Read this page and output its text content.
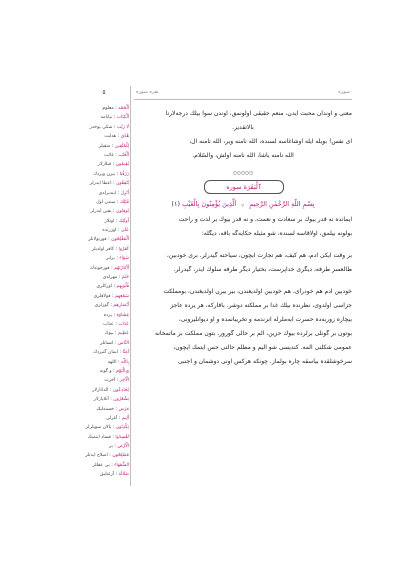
٥
اَلْحَمْد : معلوم
اَلْكِتَاب : بیانامه
لَا رَيْب : شكی یوخدر
هُدًى : هدایت
لِلْمُتَّقِين : متقیلر
اَلْغَيْب : غائب
يُقِيمُون : قیلارلار
رَزَقْنَا : بیزن ویردك
يُنْفِقُون : اعطا ایدرلر
أُنْزِلَ : ایندیرلدی
قَبْلِك : سندن اول
يُوقِنُون : یقین ایدرلر
أُولَئِك : اونلار
عَلَى : اوزرنده
اَلْمُفْلِحُون : قورتولانلر
كَفَرُوا : كافر اولدیلر
سَوَاء : برابر
أَأَنْذَرْتَهُم : قورخوتدك
خَتَمَ : مهرلدی
قُلُوبِهِم : اوركلری
سَمْعِهِم : قولاقلری
أَبْصَارِهِم : گوزلری
غِشَاوَة : پرده
عَذَاب : عذاب
عَظِيم : بیوك
النَّاس : انسانلر
آمَنَّا : ایمان گتیردك
بِاللّٰه : اللهه
وَبِالْيَوْم : و گونه
الْآخِر : آخرت
يُخَادِعُون : الداتارلار
يَشْعُرُون : آنلایارلار
مَرَض : خسته‌لیك
أَلِيم : آغرلی
يَكْذِبُون : یالان سویلرلر
تُفْسِدُوا : فساد ایتمیك
الْأَرْض : یر
مُصْلِحُون : اصلاح ایدنلر
السُّفَهَاء : بی عقللر
ضَلَالَة : آزغنلیق
بقره سوره	سوره
معنی و اوندان محبت ایدن، منعم حقیقی اولونمق، اوندن سوا بیلك درجه‌لارنا
بالاتقدیر.
ای نفس! بویله آیله اوشاغاسه لسنده، الله نامنه ویر، الله نامنه آل،
الله نامنه یاشا، الله نامنه اولش، والسّلام.
۞۞۞۞۞
ٱلْبَقَرَة سوره
بِسْمِ اللّٰهِ الرَّحْمٰنِ الرَّحِيمِ ۞ اَلَّذِينَ يُؤْمِنُونَ بِالْغَيْبِ (١)
ایمانده نه قدر بیوك بر سعادت و نعمت، و نه قدر بیوك بر لذت و راحت
بولونه بیلمق، اولاقاسه لسنده، شو مثیله حکایه‌گه باقه، دیگله:
بر وقت ایکی آدم، هم کیف، هم تجارت ایچون، سیاحته گیدرلر. بری خودبین،
طالعسز طرفه، دیگری خداپرست، بختیار دیگر طرفه سلوك ایدر، گیدرلر.
خودبین آدم هم خودرأی، هم خودبین اولدیغندن، بیر بیرن اولدیغندن، بومملکت
جزاسی اولدوی، نظرنده بیلك غدا بر مملکته دوشر. باقارکه، هر یرده عاجز
بیچاره زوربه‌ده حسرت آیه‌ملرله انزندمه و تخریبانمده و او دیوانلیرونی،
بوتون بر گونلی برلرده بیوك حزین، الم بر حالی گورور. بتون مملکت بر ماتمخانه
عمومی شکلنی آلمه. کندیسی شو الیم و مظلم حالتی حس ایتمك ایچون،
سرخوشلقده بیاسقه چاره بولماز. چونکه هرکس اونی دوشمان و اجنبی
